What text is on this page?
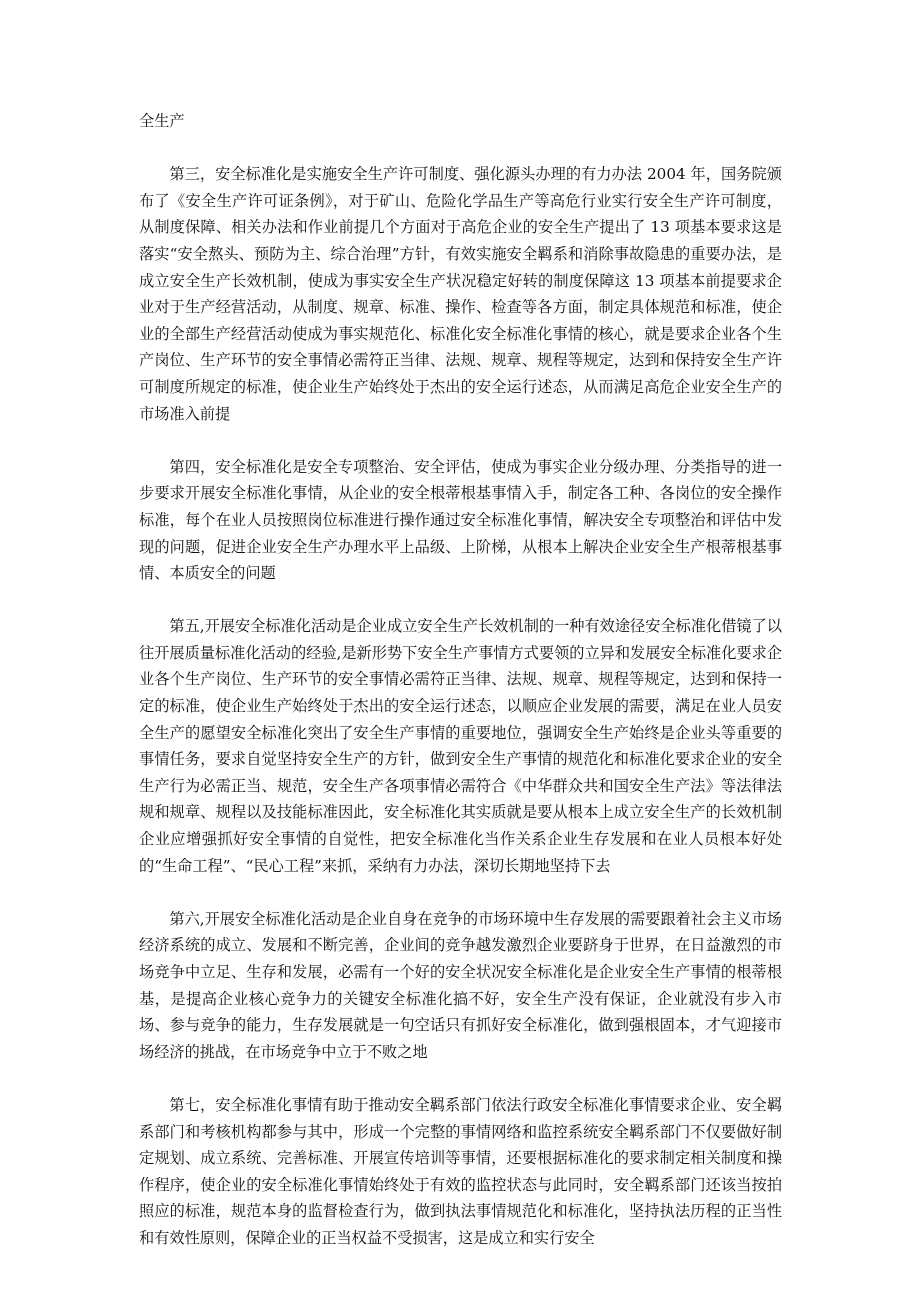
全生产

第三，安全标准化是实施安全生产许可制度、强化源头办理的有力办法 2004 年，国务院颁布了《安全生产许可证条例》，对于矿山、危险化学品生产等高危行业实行安全生产许可制度，从制度保障、相关办法和作业前提几个方面对于高危企业的安全生产提出了 13 项基本要求这是落实“安全熬头、预防为主、综合治理”方针，有效实施安全羁系和消除事故隐患的重要办法，是成立安全生产长效机制，使成为事实安全生产状况稳定好转的制度保障这 13 项基本前提要求企业对于生产经营活动，从制度、规章、标准、操作、检查等各方面，制定具体规范和标准，使企业的全部生产经营活动使成为事实规范化、标准化安全标准化事情的核心，就是要求企业各个生产岗位、生产环节的安全事情必需符正当律、法规、规章、规程等规定，达到和保持安全生产许可制度所规定的标准，使企业生产始终处于杰出的安全运行述态，从而满足高危企业安全生产的市场准入前提

第四，安全标准化是安全专项整治、安全评估，使成为事实企业分级办理、分类指导的进一步要求开展安全标准化事情，从企业的安全根蒂根基事情入手，制定各工种、各岗位的安全操作标准，每个在业人员按照岗位标准进行操作通过安全标准化事情，解决安全专项整治和评估中发现的问题，促进企业安全生产办理水平上品级、上阶梯，从根本上解决企业安全生产根蒂根基事情、本质安全的问题

第五,开展安全标准化活动是企业成立安全生产长效机制的一种有效途径安全标准化借镜了以往开展质量标准化活动的经验,是新形势下安全生产事情方式要领的立异和发展安全标准化要求企业各个生产岗位、生产环节的安全事情必需符正当律、法规、规章、规程等规定，达到和保持一定的标准，使企业生产始终处于杰出的安全运行述态，以顺应企业发展的需要，满足在业人员安全生产的愿望安全标准化突出了安全生产事情的重要地位，强调安全生产始终是企业头等重要的事情任务，要求自觉坚持安全生产的方针，做到安全生产事情的规范化和标准化要求企业的安全生产行为必需正当、规范，安全生产各项事情必需符合《中华群众共和国安全生产法》等法律法规和规章、规程以及技能标准因此，安全标准化其实质就是要从根本上成立安全生产的长效机制企业应增强抓好安全事情的自觉性，把安全标准化当作关系企业生存发展和在业人员根本好处的“生命工程”、“民心工程”来抓，采纳有力办法，深切长期地坚持下去

第六,开展安全标准化活动是企业自身在竞争的市场环境中生存发展的需要跟着社会主义市场经济系统的成立、发展和不断完善，企业间的竞争越发激烈企业要跻身于世界，在日益激烈的市场竞争中立足、生存和发展，必需有一个好的安全状况安全标准化是企业安全生产事情的根蒂根基，是提高企业核心竞争力的关键安全标准化搞不好，安全生产没有保证，企业就没有步入市场、参与竞争的能力，生存发展就是一句空话只有抓好安全标准化，做到强根固本，才气迎接市场经济的挑战，在市场竞争中立于不败之地

第七，安全标准化事情有助于推动安全羁系部门依法行政安全标准化事情要求企业、安全羁系部门和考核机构都参与其中，形成一个完整的事情网络和监控系统安全羁系部门不仅要做好制定规划、成立系统、完善标准、开展宣传培训等事情，还要根据标准化的要求制定相关制度和操作程序，使企业的安全标准化事情始终处于有效的监控状态与此同时，安全羁系部门还该当按拍照应的标准，规范本身的监督检查行为，做到执法事情规范化和标准化，坚持执法历程的正当性和有效性原则，保障企业的正当权益不受损害，这是成立和实行安全
